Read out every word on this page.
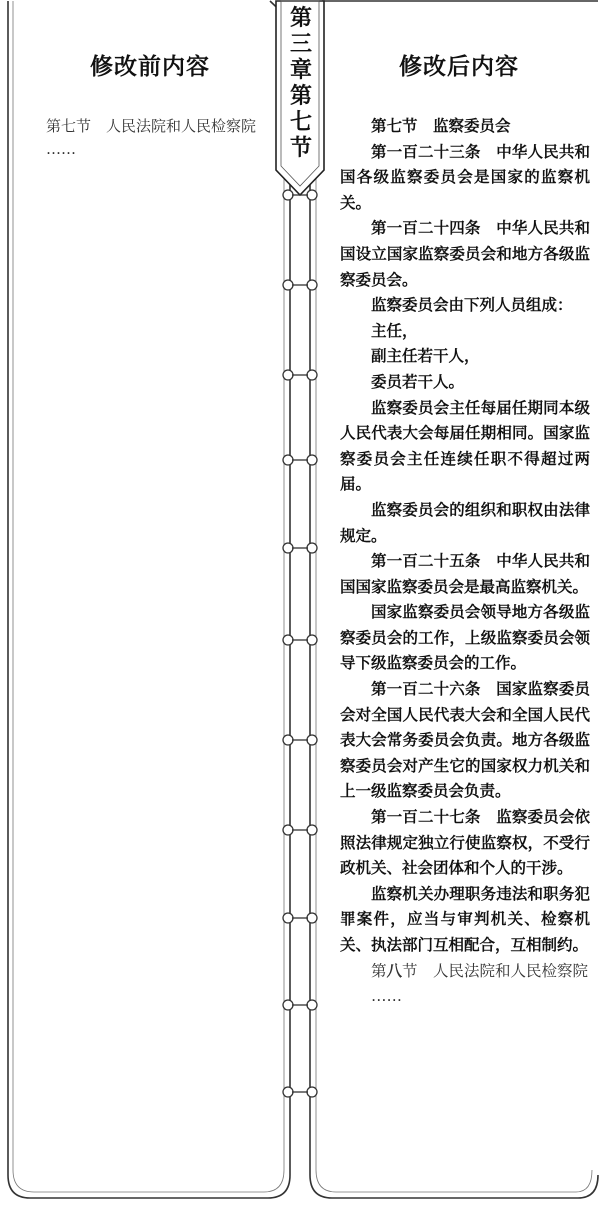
第
三
章
第
七
节
修改前内容	修改后内容

第七节　人民法院和人民检察院

……

第七节　监察委员会

第一百二十三条　中华人民共和国各级监察委员会是国家的监察机关。

第一百二十四条　中华人民共和国设立国家监察委员会和地方各级监察委员会。

监察委员会由下列人员组成：

主任，

副主任若干人，

委员若干人。

监察委员会主任每届任期同本级人民代表大会每届任期相同。国家监察委员会主任连续任职不得超过两届。

监察委员会的组织和职权由法律规定。

第一百二十五条　中华人民共和国国家监察委员会是最高监察机关。

国家监察委员会领导地方各级监察委员会的工作，上级监察委员会领导下级监察委员会的工作。

第一百二十六条　国家监察委员会对全国人民代表大会和全国人民代表大会常务委员会负责。地方各级监察委员会对产生它的国家权力机关和上一级监察委员会负责。

第一百二十七条　监察委员会依照法律规定独立行使监察权，不受行政机关、社会团体和个人的干涉。

监察机关办理职务违法和职务犯罪案件，应当与审判机关、检察机关、执法部门互相配合，互相制约。

第八节　人民法院和人民检察院

……
